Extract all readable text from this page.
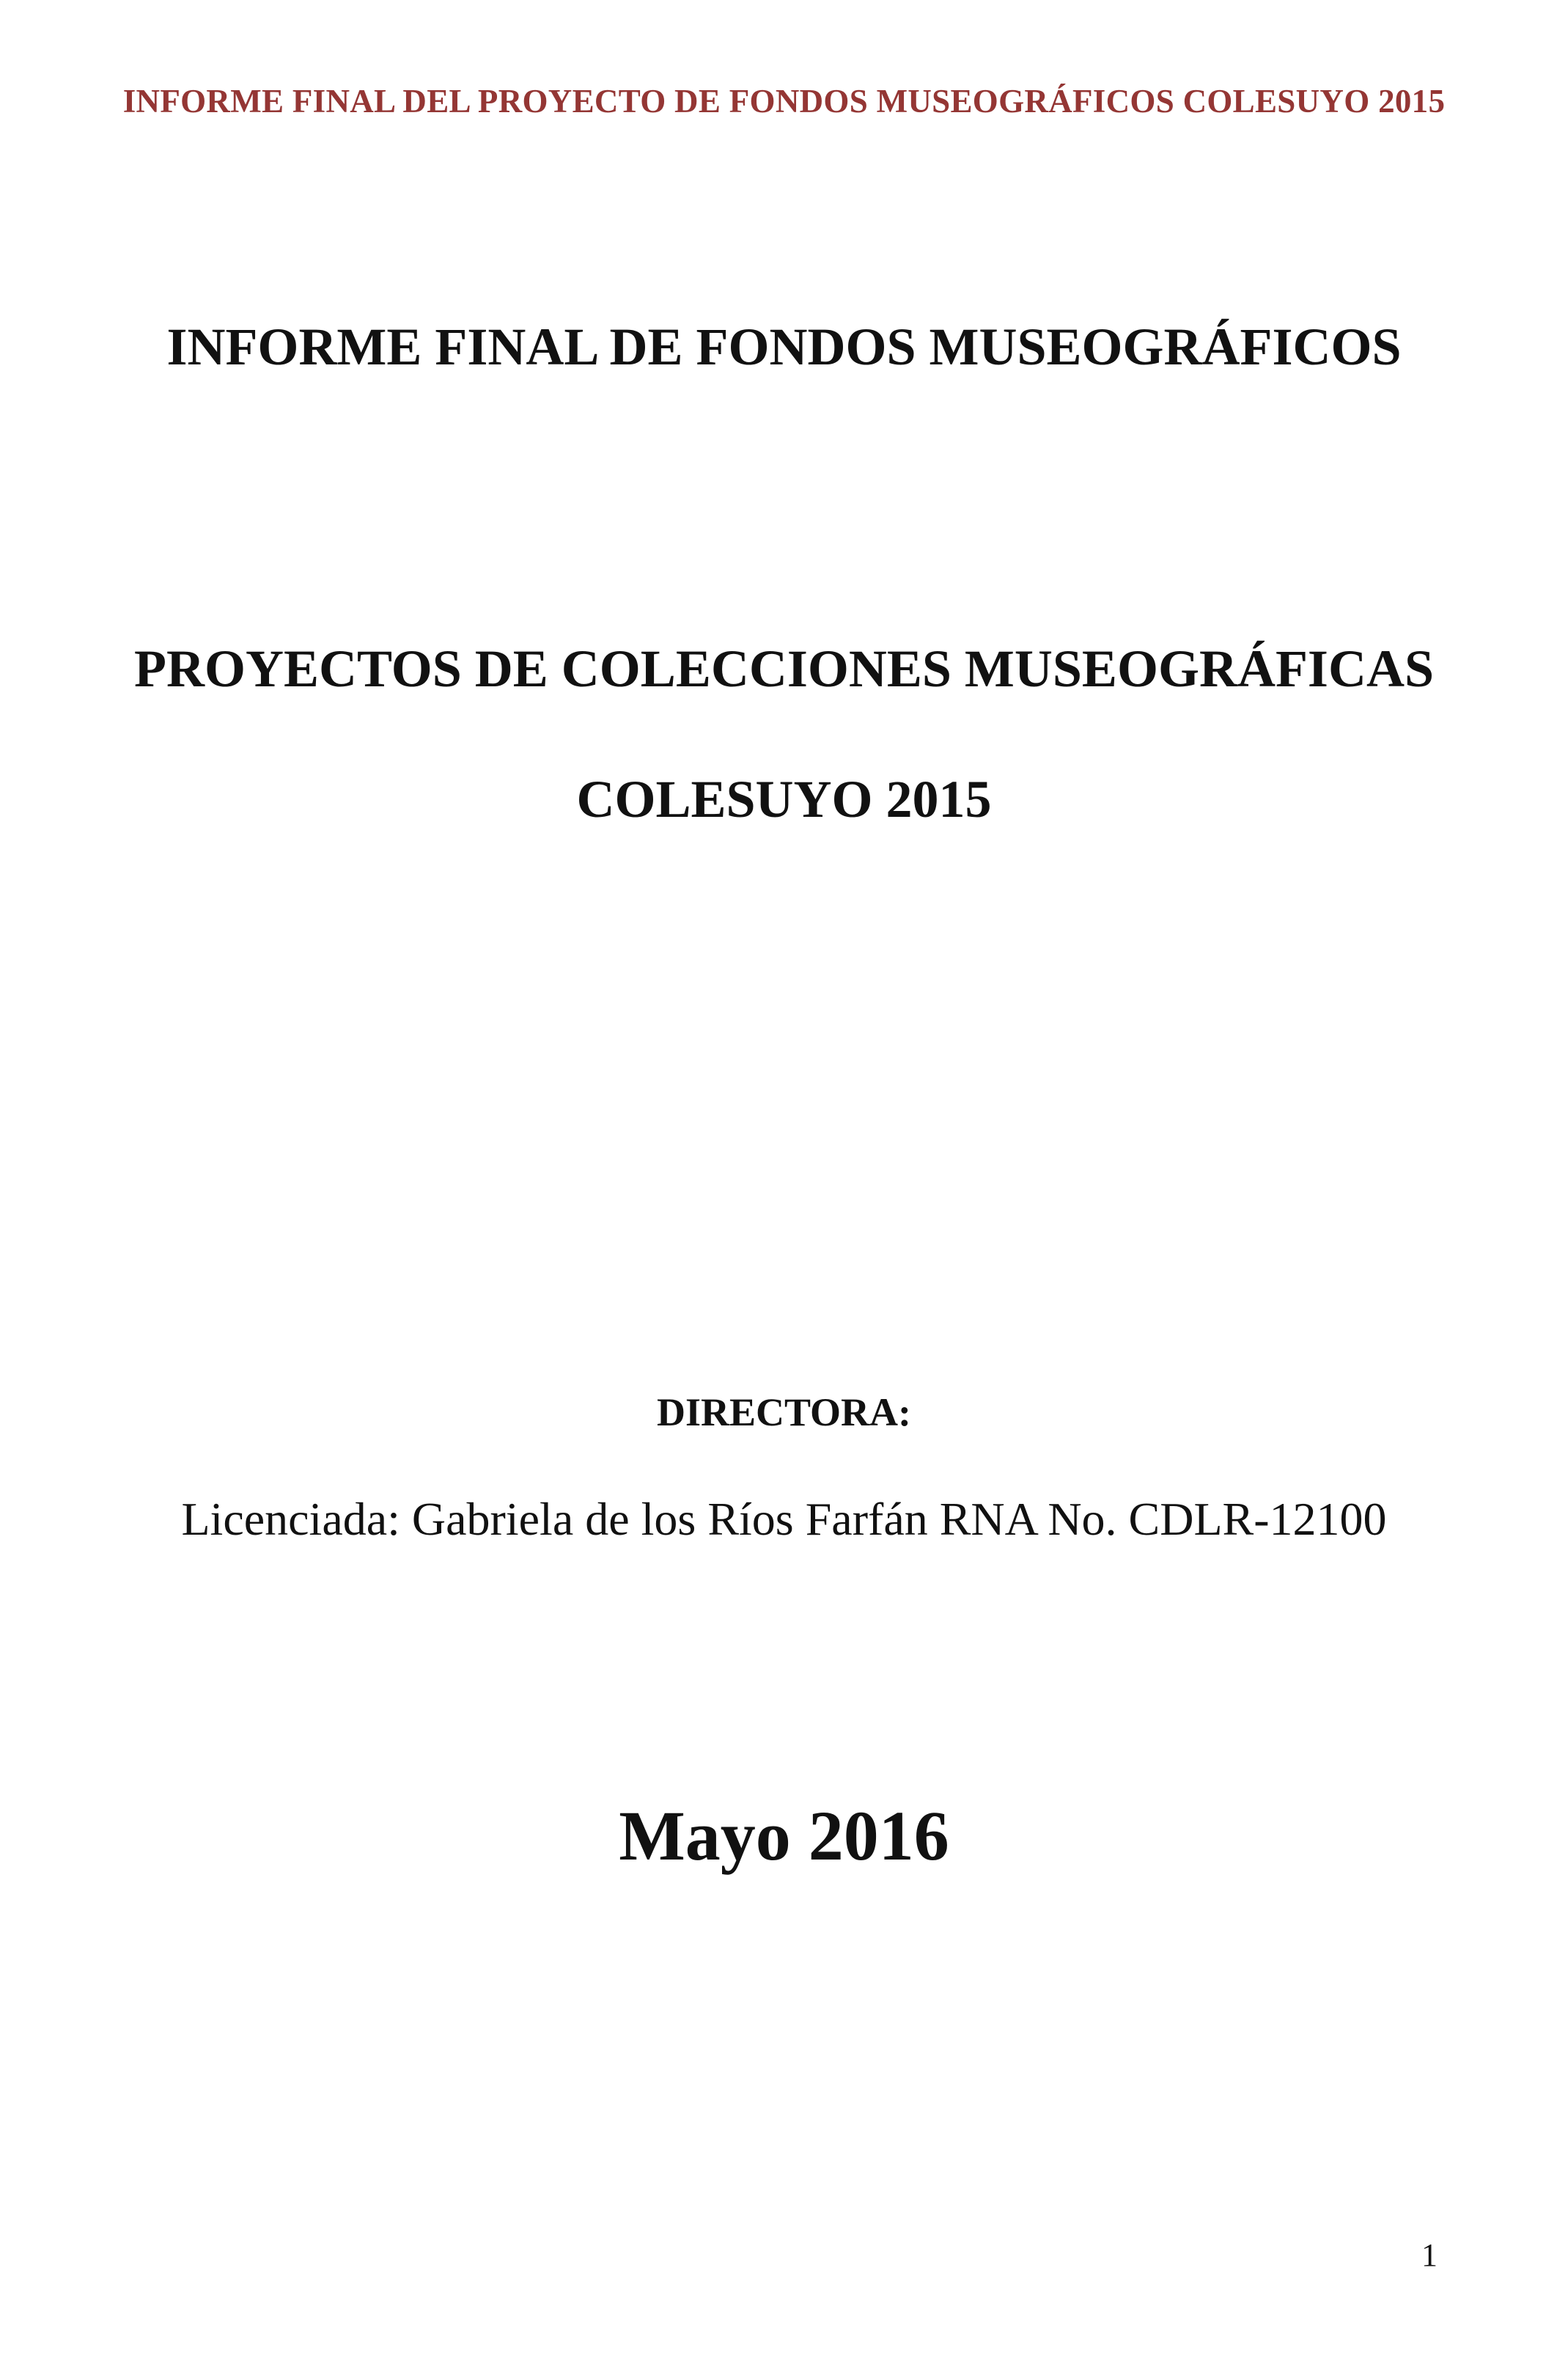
INFORME FINAL DEL PROYECTO DE FONDOS MUSEOGRÁFICOS COLESUYO 2015
INFORME FINAL DE FONDOS MUSEOGRÁFICOS
PROYECTOS DE COLECCIONES MUSEOGRÁFICAS
COLESUYO 2015
DIRECTORA:
Licenciada: Gabriela de los Ríos Farfán RNA No. CDLR-12100
Mayo 2016
1
